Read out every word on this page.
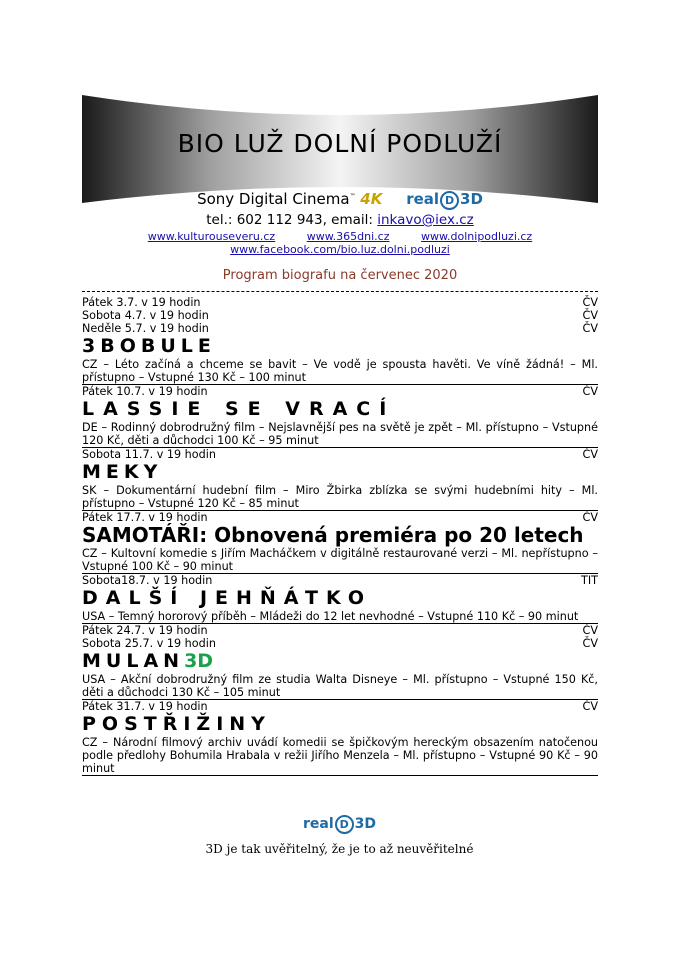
BIO LUŽ DOLNÍ PODLUŽÍ
Sony Digital Cinema™ 4K real D 3D
tel.: 602 112 943, email: inkavo@iex.cz
www.kulturouseveru.cz	www.365dni.cz	www.dolnipodluzi.cz
www.facebook.com/bio.luz.dolni.podluzi
Program biografu na červenec 2020
Pátek 3.7. v 19 hodin	ČV
Sobota 4.7. v 19 hodin	ČV
Neděle 5.7. v 19 hodin	ČV
3BOBULE
CZ – Léto začíná a chceme se bavit – Ve vodě je spousta havěti. Ve víně žádná! – Ml. přístupno – Vstupné 130 Kč – 100 minut
Pátek 10.7. v 19 hodin	ČV
LASSIE SE VRACÍ
DE – Rodinný dobrodružný film – Nejslavnější pes na světě je zpět – Ml. přístupno – Vstupné 120 Kč, děti a důchodci 100 Kč – 95 minut
Sobota 11.7. v 19 hodin	ČV
MEKY
SK – Dokumentární hudební film – Miro Žbirka zblízka se svými hudebními hity – Ml. přístupno – Vstupné 120 Kč – 85 minut
Pátek 17.7. v 19 hodin	ČV
SAMOTÁŘI: Obnovená premiéra po 20 letech
CZ – Kultovní komedie s Jiřím Macháčkem v digitálně restaurované verzi – Ml. nepřístupno – Vstupné 100 Kč – 90 minut
Sobota18.7. v 19 hodin	TIT
DALŠÍ JEHŇÁTKO
USA – Temný hororový příběh – Mládeži do 12 let nevhodné – Vstupné 110 Kč – 90 minut
Pátek 24.7. v 19 hodin	ČV
Sobota 25.7. v 19 hodin	ČV
MULAN3D
USA – Akční dobrodružný film ze studia Walta Disneye – Ml. přístupno – Vstupné 150 Kč, děti a důchodci 130 Kč – 105 minut
Pátek 31.7. v 19 hodin	ČV
POSTŘIŽINY
CZ – Národní filmový archiv uvádí komedii se špičkovým hereckým obsazením natočenou podle předlohy Bohumila Hrabala v režii Jiřího Menzela – Ml. přístupno – Vstupné 90 Kč – 90 minut
real D 3D
3D je tak uvěřitelný, že je to až neuvěřitelné
